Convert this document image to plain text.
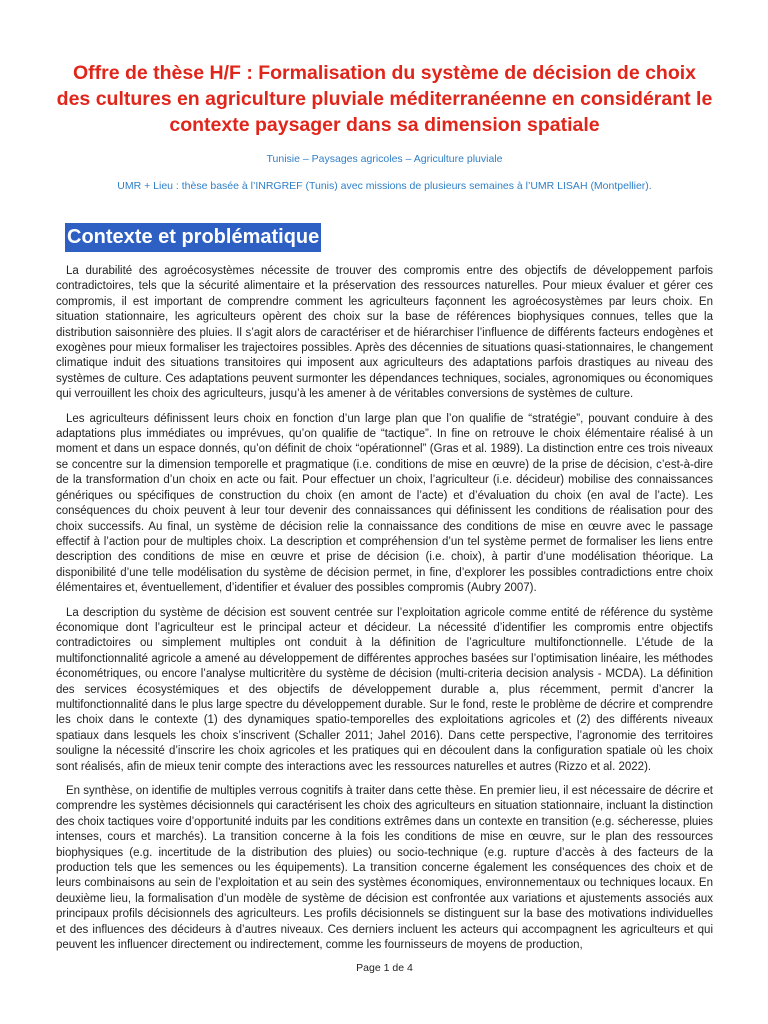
Offre de thèse H/F : Formalisation du système de décision de choix des cultures en agriculture pluviale méditerranéenne en considérant le contexte paysager dans sa dimension spatiale

Tunisie – Paysages agricoles – Agriculture pluviale

UMR + Lieu : thèse basée à l’INRGREF (Tunis) avec missions de plusieurs semaines à l’UMR LISAH (Montpellier).

Contexte et problématique

La durabilité des agroécosystèmes nécessite de trouver des compromis entre des objectifs de développement parfois contradictoires, tels que la sécurité alimentaire et la préservation des ressources naturelles. Pour mieux évaluer et gérer ces compromis, il est important de comprendre comment les agriculteurs façonnent les agroécosystèmes par leurs choix. En situation stationnaire, les agriculteurs opèrent des choix sur la base de références biophysiques connues, telles que la distribution saisonnière des pluies. Il s’agit alors de caractériser et de hiérarchiser l’influence de différents facteurs endogènes et exogènes pour mieux formaliser les trajectoires possibles. Après des décennies de situations quasi-stationnaires, le changement climatique induit des situations transitoires qui imposent aux agriculteurs des adaptations parfois drastiques au niveau des systèmes de culture. Ces adaptations peuvent surmonter les dépendances techniques, sociales, agronomiques ou économiques qui verrouillent les choix des agriculteurs, jusqu’à les amener à de véritables conversions de systèmes de culture.

Les agriculteurs définissent leurs choix en fonction d’un large plan que l’on qualifie de “stratégie”, pouvant conduire à des adaptations plus immédiates ou imprévues, qu’on qualifie de “tactique”. In fine on retrouve le choix élémentaire réalisé à un moment et dans un espace donnés, qu’on définit de choix “opérationnel” (Gras et al. 1989). La distinction entre ces trois niveaux se concentre sur la dimension temporelle et pragmatique (i.e. conditions de mise en œuvre) de la prise de décision, c’est-à-dire de la transformation d’un choix en acte ou fait. Pour effectuer un choix, l’agriculteur (i.e. décideur) mobilise des connaissances génériques ou spécifiques de construction du choix (en amont de l’acte) et d’évaluation du choix (en aval de l’acte). Les conséquences du choix peuvent à leur tour devenir des connaissances qui définissent les conditions de réalisation pour des choix successifs. Au final, un système de décision relie la connaissance des conditions de mise en œuvre avec le passage effectif à l’action pour de multiples choix. La description et compréhension d’un tel système permet de formaliser les liens entre description des conditions de mise en œuvre et prise de décision (i.e. choix), à partir d’une modélisation théorique. La disponibilité d’une telle modélisation du système de décision permet, in fine, d’explorer les possibles contradictions entre choix élémentaires et, éventuellement, d’identifier et évaluer des possibles compromis (Aubry 2007).

La description du système de décision est souvent centrée sur l’exploitation agricole comme entité de référence du système économique dont l’agriculteur est le principal acteur et décideur. La nécessité d’identifier les compromis entre objectifs contradictoires ou simplement multiples ont conduit à la définition de l’agriculture multifonctionnelle. L’étude de la multifonctionnalité agricole a amené au développement de différentes approches basées sur l’optimisation linéaire, les méthodes économétriques, ou encore l’analyse multicritère du système de décision (multi-criteria decision analysis - MCDA). La définition des services écosystémiques et des objectifs de développement durable a, plus récemment, permit d’ancrer la multifonctionnalité dans le plus large spectre du développement durable. Sur le fond, reste le problème de décrire et comprendre les choix dans le contexte (1) des dynamiques spatio-temporelles des exploitations agricoles et (2) des différents niveaux spatiaux dans lesquels les choix s’inscrivent (Schaller 2011; Jahel 2016). Dans cette perspective, l’agronomie des territoires souligne la nécessité d’inscrire les choix agricoles et les pratiques qui en découlent dans la configuration spatiale où les choix sont réalisés, afin de mieux tenir compte des interactions avec les ressources naturelles et autres (Rizzo et al. 2022).

En synthèse, on identifie de multiples verrous cognitifs à traiter dans cette thèse. En premier lieu, il est nécessaire de décrire et comprendre les systèmes décisionnels qui caractérisent les choix des agriculteurs en situation stationnaire, incluant la distinction des choix tactiques voire d’opportunité induits par les conditions extrêmes dans un contexte en transition (e.g. sécheresse, pluies intenses, cours et marchés). La transition concerne à la fois les conditions de mise en œuvre, sur le plan des ressources biophysiques (e.g. incertitude de la distribution des pluies) ou socio-technique (e.g. rupture d’accès à des facteurs de la production tels que les semences ou les équipements). La transition concerne également les conséquences des choix et de leurs combinaisons au sein de l’exploitation et au sein des systèmes économiques, environnementaux ou techniques locaux. En deuxième lieu, la formalisation d’un modèle de système de décision est confrontée aux variations et ajustements associés aux principaux profils décisionnels des agriculteurs. Les profils décisionnels se distinguent sur la base des motivations individuelles et des influences des décideurs à d’autres niveaux. Ces derniers incluent les acteurs qui accompagnent les agriculteurs et qui peuvent les influencer directement ou indirectement, comme les fournisseurs de moyens de production,

Page 1 de 4
